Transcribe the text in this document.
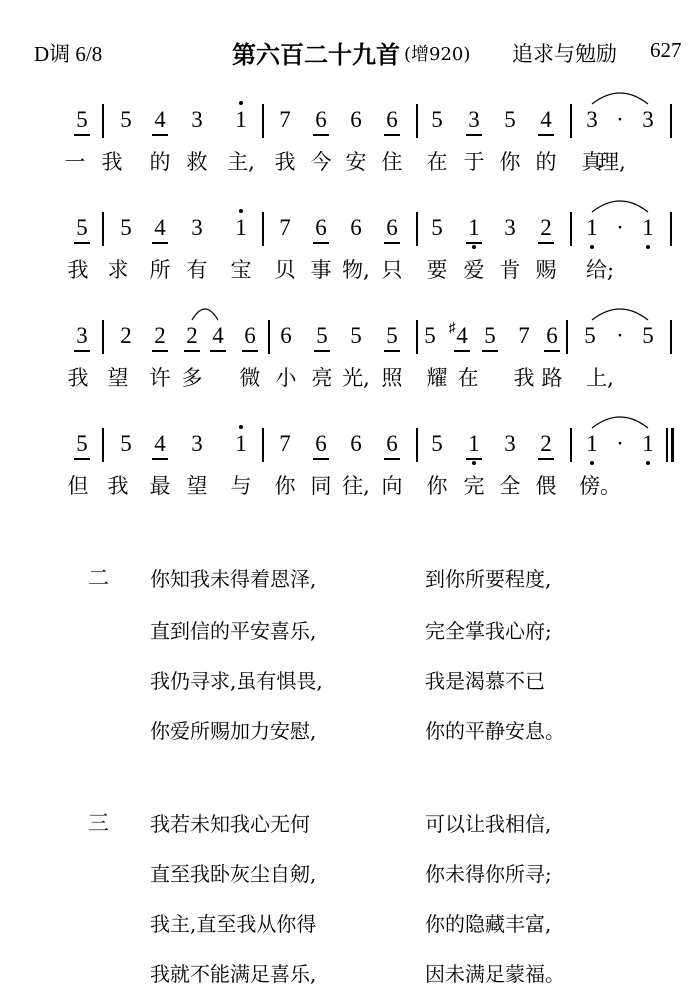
D调 6/8	第六百二十九首 (增920) 追求与勉励 627
5 5 4 3 1 7 6 6 6 5 3 5 4 3 · 3
一 我 的 救 主, 我 今 安 住 在 于 你 的 真
理,
5 5 4 3 1 7 6 6 6 5 1 3 2 1 · 1
我 求 所 有 宝 贝 事 物, 只 要 爱 肯 赐 给;
3 2 2 2 4 6 6 5 5 5 5 ♯ 4 5 7 6 5 · 5
我 望 许 多 微 小 亮 光, 照 耀 在 我 路 上,
5 5 4 3 1 7 6 6 6 5 1 3 2 1 · 1
但 我 最 望 与 你 同 往, 向 你 完 全 偎 傍。
二 你知我未得着恩泽,	到你所要程度,
直到信的平安喜乐,	完全掌我心府;
我仍寻求,虽有惧畏,	我是渴慕不已
你爱所赐加力安慰,	你的平静安息。
三 我若未知我心无何	可以让我相信,
直至我卧灰尘自剱,	你未得你所寻;
我主,直至我从你得	你的隐藏丰富,
我就不能满足喜乐,	因未满足蒙福。
